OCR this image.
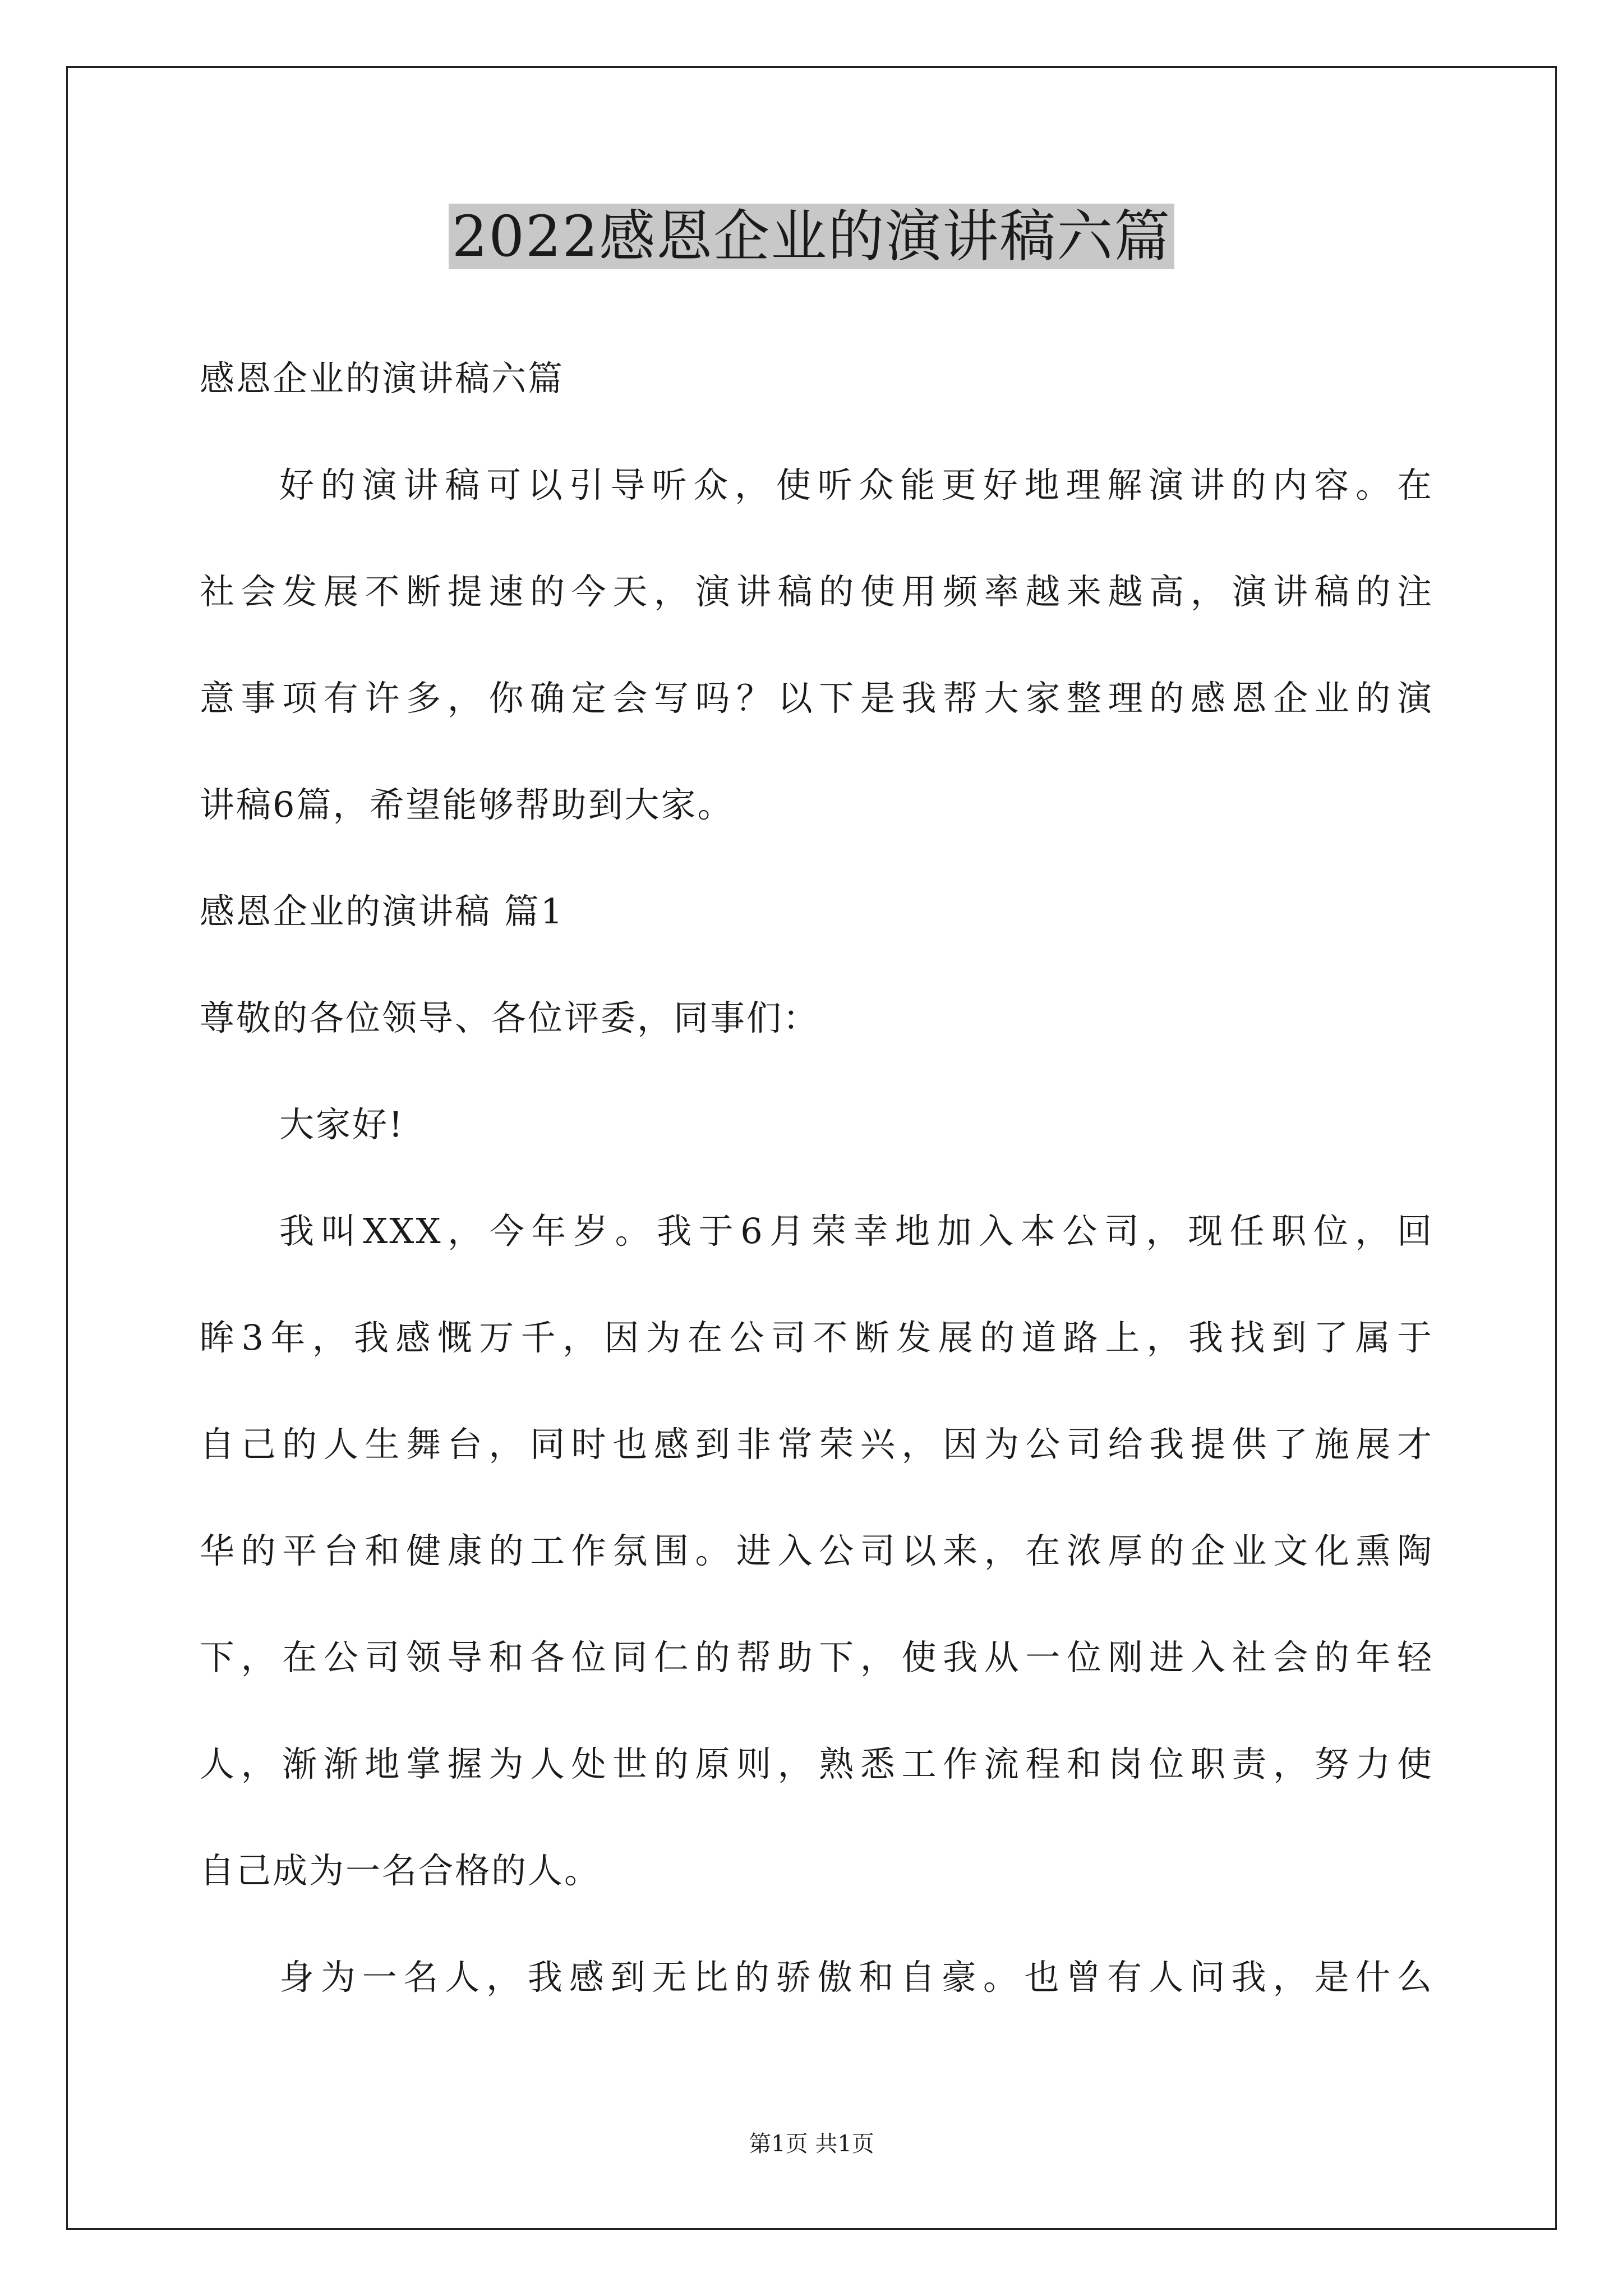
2022感恩企业的演讲稿六篇
感恩企业的演讲稿六篇
好的演讲稿可以引导听众，使听众能更好地理解演讲的内容。在
社会发展不断提速的今天，演讲稿的使用频率越来越高，演讲稿的注
意事项有许多，你确定会写吗？以下是我帮大家整理的感恩企业的演
讲稿6篇，希望能够帮助到大家。
感恩企业的演讲稿 篇1
尊敬的各位领导、各位评委，同事们：
大家好!
我叫XXX，今年岁。我于6月荣幸地加入本公司，现任职位，回
眸3年，我感慨万千，因为在公司不断发展的道路上，我找到了属于
自己的人生舞台，同时也感到非常荣兴，因为公司给我提供了施展才
华的平台和健康的工作氛围。进入公司以来，在浓厚的企业文化熏陶
下，在公司领导和各位同仁的帮助下，使我从一位刚进入社会的年轻
人，渐渐地掌握为人处世的原则，熟悉工作流程和岗位职责，努力使
自己成为一名合格的人。
身为一名人，我感到无比的骄傲和自豪。也曾有人问我，是什么
第1页 共1页
